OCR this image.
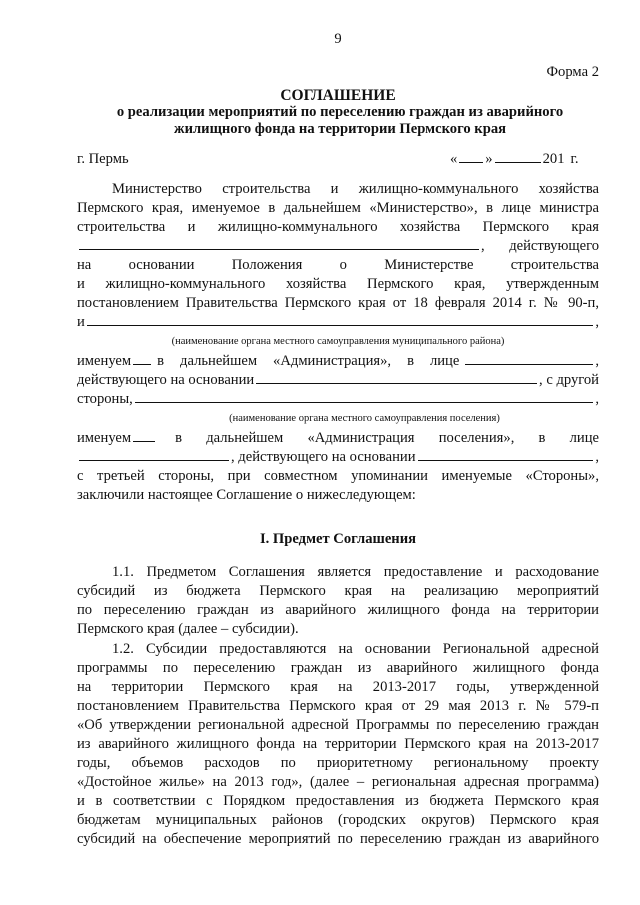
9
Форма 2
СОГЛАШЕНИЕ
о реализации мероприятий по переселению граждан из аварийного
жилищного фонда на территории Пермского края
г. Пермь	« »	201 г.
Министерство строительства и жилищно-коммунального хозяйства
Пермского края, именуемое в дальнейшем «Министерство», в лице министра
строительства и жилищно-коммунального хозяйства Пермского края
,	действующего
на основании Положения о Министерстве строительства
и жилищно-коммунального хозяйства Пермского края, утвержденным
постановлением Правительства Пермского края от 18 февраля 2014 г. № 90-п,
и	,
(наименование органа местного самоуправления муниципального района)
именуем в дальнейшем «Администрация», в лице	,
действующего на основании	, с другой
стороны,	,
(наименование органа местного самоуправления поселения)
именуем	в дальнейшем «Администрация поселения», в лице
, действующего на основании	,
с третьей стороны, при совместном упоминании именуемые «Стороны»,
заключили настоящее Соглашение о нижеследующем:
I. Предмет Соглашения
1.1. Предметом Соглашения является предоставление и расходование
субсидий из бюджета Пермского края на реализацию мероприятий
по переселению граждан из аварийного жилищного фонда на территории
Пермского края (далее – субсидии).
1.2. Субсидии предоставляются на основании Региональной адресной
программы по переселению граждан из аварийного жилищного фонда
на территории Пермского края на 2013-2017 годы, утвержденной
постановлением Правительства Пермского края от 29 мая 2013 г. № 579-п
«Об утверждении региональной адресной Программы по переселению граждан
из аварийного жилищного фонда на территории Пермского края на 2013-2017
годы, объемов расходов по приоритетному региональному проекту
«Достойное жилье» на 2013 год», (далее – региональная адресная программа)
и в соответствии с Порядком предоставления из бюджета Пермского края
бюджетам муниципальных районов (городских округов) Пермского края
субсидий на обеспечение мероприятий по переселению граждан из аварийного
